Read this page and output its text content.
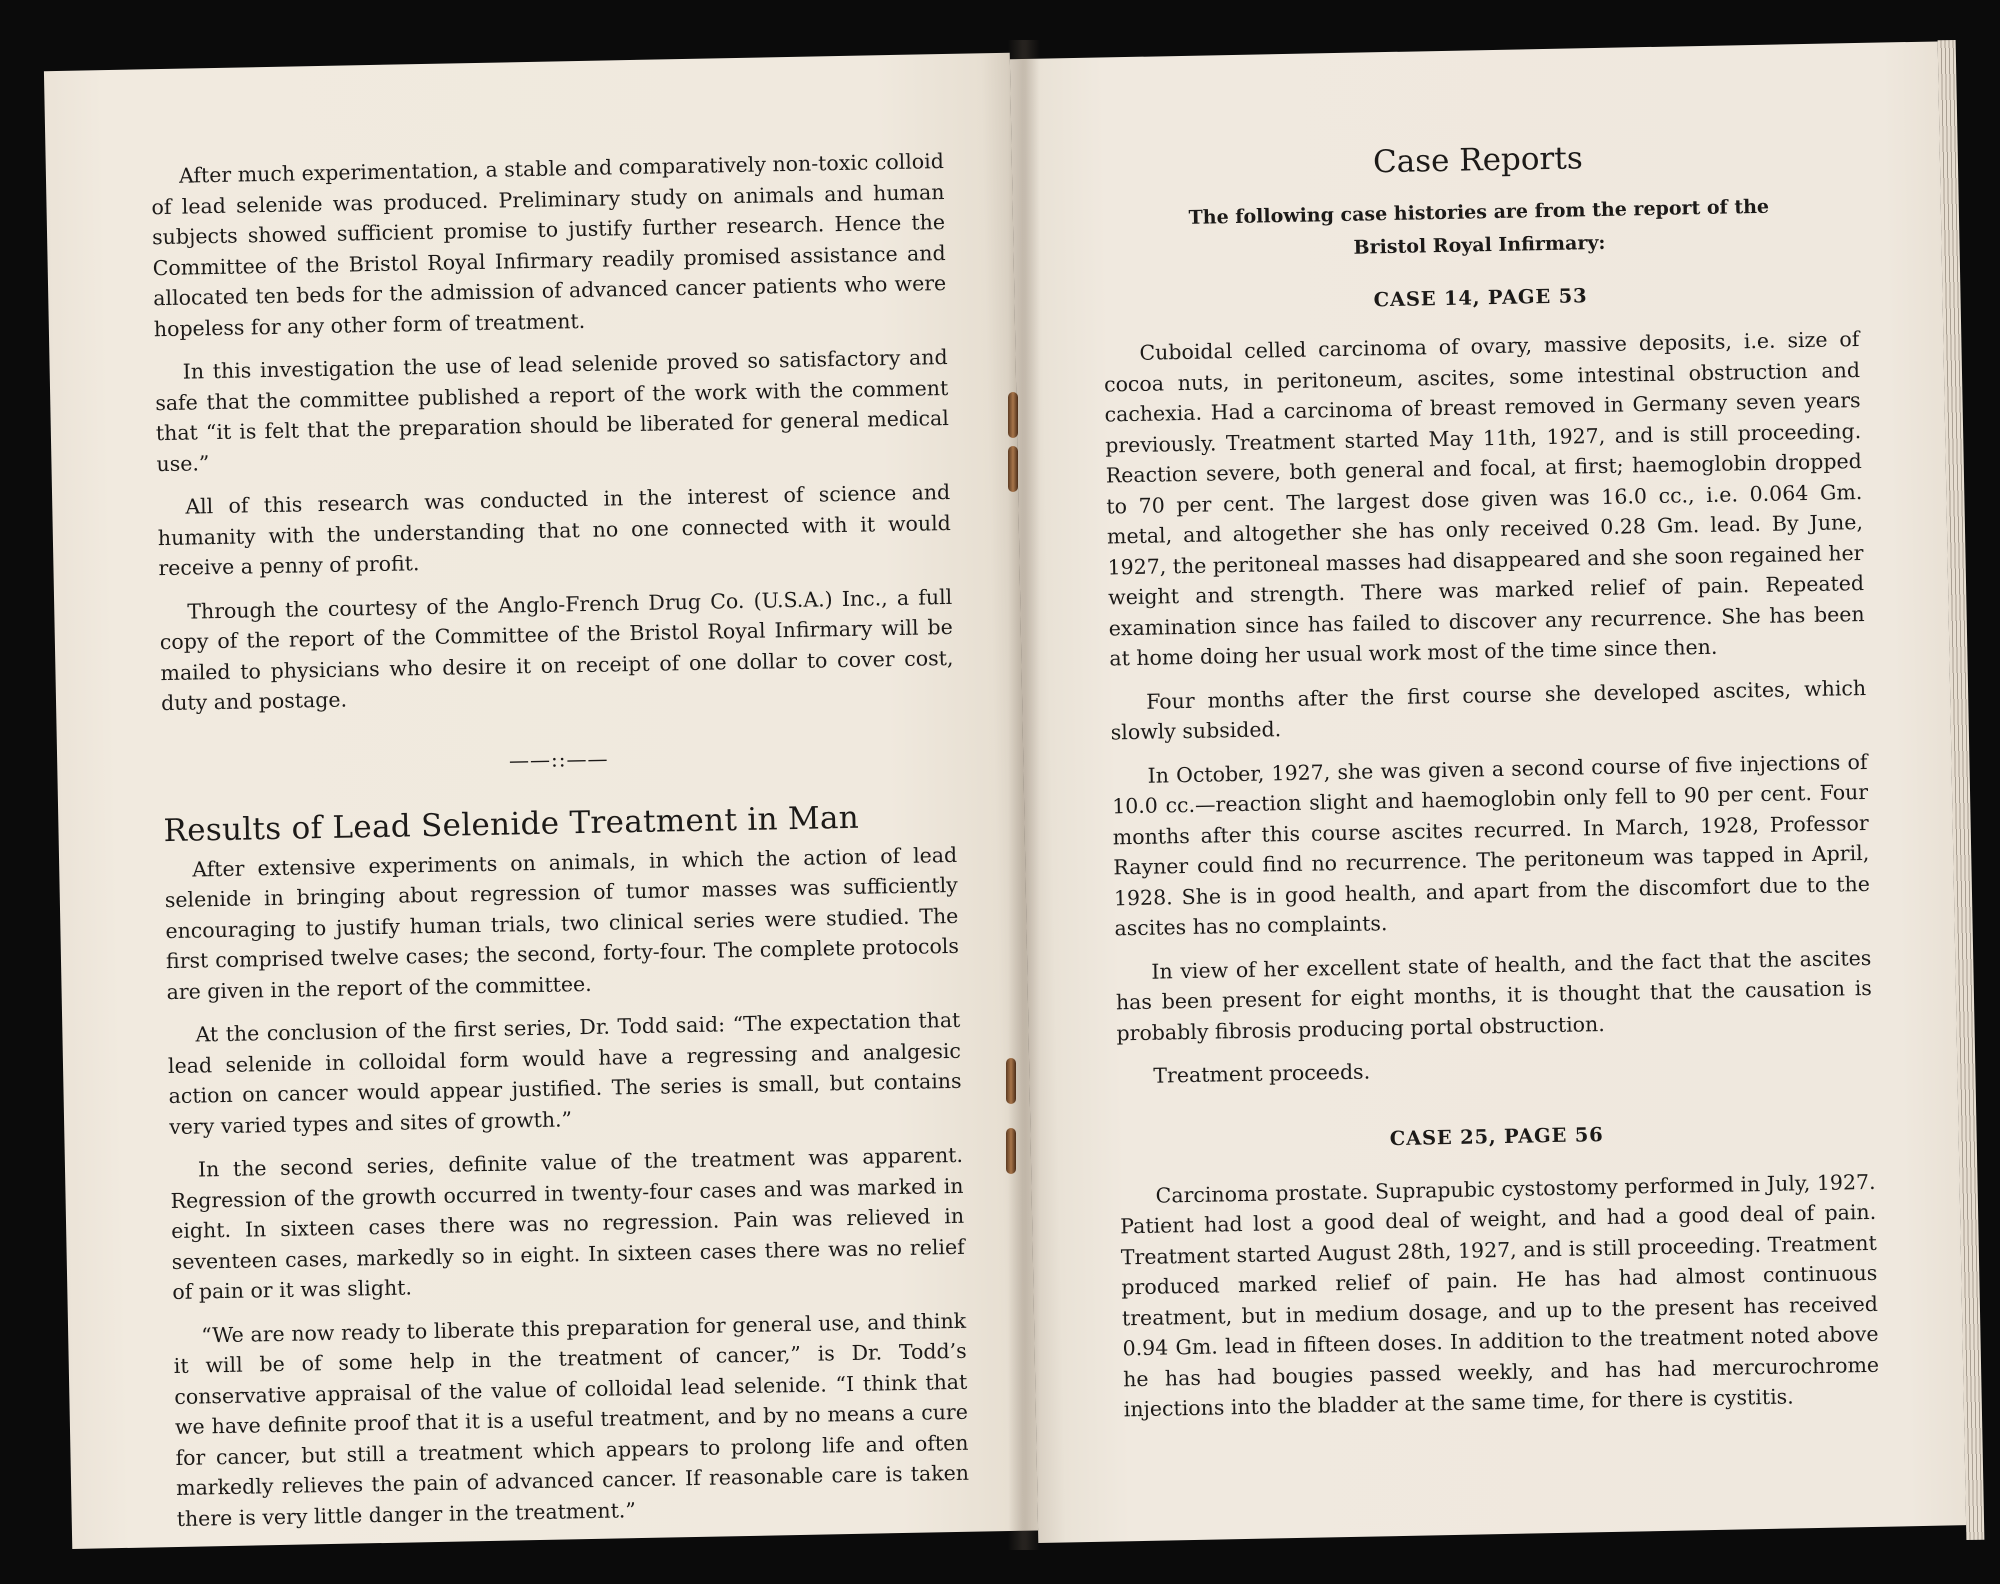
After much experimentation, a stable and comparatively non-toxic colloid of lead selenide was produced. Preliminary study on animals and human subjects showed sufficient promise to justify further research. Hence the Committee of the Bristol Royal Infirmary readily promised assistance and allocated ten beds for the admission of advanced cancer patients who were hopeless for any other form of treatment.

In this investigation the use of lead selenide proved so satisfactory and safe that the committee published a report of the work with the comment that “it is felt that the preparation should be liberated for general medical use.”

All of this research was conducted in the interest of science and humanity with the understanding that no one connected with it would receive a penny of profit.

Through the courtesy of the Anglo-French Drug Co. (U.S.A.) Inc., a full copy of the report of the Committee of the Bristol Royal Infirmary will be mailed to physicians who desire it on receipt of one dollar to cover cost, duty and postage.

——::——
Results of Lead Selenide Treatment in Man

After extensive experiments on animals, in which the action of lead selenide in bringing about regression of tumor masses was sufficiently encouraging to justify human trials, two clinical series were studied. The first comprised twelve cases; the second, forty-four. The complete protocols are given in the report of the committee.

At the conclusion of the first series, Dr. Todd said: “The expectation that lead selenide in colloidal form would have a regressing and analgesic action on cancer would appear justified. The series is small, but contains very varied types and sites of growth.”

In the second series, definite value of the treatment was apparent. Regression of the growth occurred in twenty-four cases and was marked in eight. In sixteen cases there was no regression. Pain was relieved in seventeen cases, markedly so in eight. In sixteen cases there was no relief of pain or it was slight.

“We are now ready to liberate this preparation for general use, and think it will be of some help in the treatment of cancer,” is Dr. Todd’s conservative appraisal of the value of colloidal lead selenide. “I think that we have definite proof that it is a useful treatment, and by no means a cure for cancer, but still a treatment which appears to prolong life and often markedly relieves the pain of advanced cancer. If reasonable care is taken there is very little danger in the treatment.”

Case Reports
The following case histories are from the report of the
Bristol Royal Infirmary:
CASE 14, PAGE 53

Cuboidal celled carcinoma of ovary, massive deposits, i.e. size of cocoa nuts, in peritoneum, ascites, some intestinal obstruction and cachexia. Had a carcinoma of breast removed in Germany seven years previously. Treatment started May 11th, 1927, and is still proceeding. Reaction severe, both general and focal, at first; haemoglobin dropped to 70 per cent. The largest dose given was 16.0 cc., i.e. 0.064 Gm. metal, and altogether she has only received 0.28 Gm. lead. By June, 1927, the peritoneal masses had disappeared and she soon regained her weight and strength. There was marked relief of pain. Repeated examination since has failed to discover any recurrence. She has been at home doing her usual work most of the time since then.

Four months after the first course she developed ascites, which slowly subsided.

In October, 1927, she was given a second course of five injections of 10.0 cc.—reaction slight and haemoglobin only fell to 90 per cent. Four months after this course ascites recurred. In March, 1928, Professor Rayner could find no recurrence. The peritoneum was tapped in April, 1928. She is in good health, and apart from the discomfort due to the ascites has no complaints.

In view of her excellent state of health, and the fact that the ascites has been present for eight months, it is thought that the causation is probably fibrosis producing portal obstruction.

Treatment proceeds.

CASE 25, PAGE 56

Carcinoma prostate. Suprapubic cystostomy performed in July, 1927. Patient had lost a good deal of weight, and had a good deal of pain. Treatment started August 28th, 1927, and is still proceeding. Treatment produced marked relief of pain. He has had almost continuous treatment, but in medium dosage, and up to the present has received 0.94 Gm. lead in fifteen doses. In addition to the treatment noted above he has had bougies passed weekly, and has had mercurochrome injections into the bladder at the same time, for there is cystitis.
